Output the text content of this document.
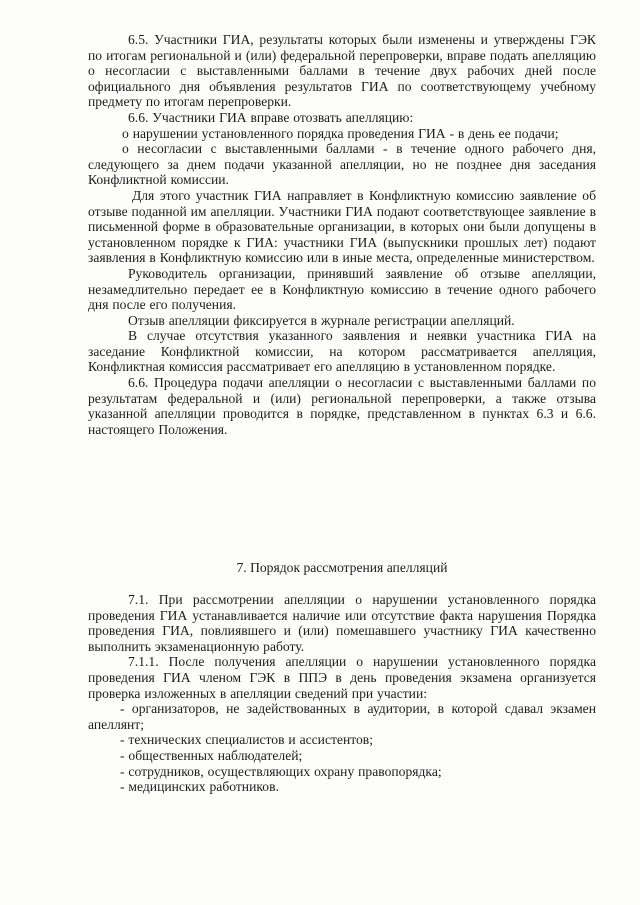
6.5. Участники ГИА, результаты которых были изменены и утверждены ГЭК по итогам региональной и (или) федеральной перепроверки, вправе подать апелляцию о несогласии с выставленными баллами в течение двух рабочих дней после официального дня объявления результатов ГИА по соответствующему учебному предмету по итогам перепроверки.

6.6. Участники ГИА вправе отозвать апелляцию:

о нарушении установленного порядка проведения ГИА - в день ее подачи;

о несогласии с выставленными баллами - в течение одного рабочего дня, следующего за днем подачи указанной апелляции, но не позднее дня заседания Конфликтной комиссии.

Для этого участник ГИА направляет в Конфликтную комиссию заявление об отзыве поданной им апелляции. Участники ГИА подают соответствующее заявление в письменной форме в образовательные организации, в которых они были допущены в установленном порядке к ГИА: участники ГИА (выпускники прошлых лет) подают заявления в Конфликтную комиссию или в иные места, определенные министерством.

Руководитель организации, принявший заявление об отзыве апелляции, незамедлительно передает ее в Конфликтную комиссию в течение одного рабочего дня после его получения.

Отзыв апелляции фиксируется в журнале регистрации апелляций.

В случае отсутствия указанного заявления и неявки участника ГИА на заседание Конфликтной комиссии, на котором рассматривается апелляция, Конфликтная комиссия рассматривает его апелляцию в установленном порядке.

6.6. Процедура подачи апелляции о несогласии с выставленными баллами по результатам федеральной и (или) региональной перепроверки, а также отзыва указанной апелляции проводится в порядке, представленном в пунктах 6.3 и 6.6. настоящего Положения.

7. Порядок рассмотрения апелляций

7.1. При рассмотрении апелляции о нарушении установленного порядка проведения ГИА устанавливается наличие или отсутствие факта нарушения Порядка проведения ГИА, повлиявшего и (или) помешавшего участнику ГИА качественно выполнить экзаменационную работу.

7.1.1. После получения апелляции о нарушении установленного порядка проведения ГИА членом ГЭК в ППЭ в день проведения экзамена организуется проверка изложенных в апелляции сведений при участии:

- организаторов, не задействованных в аудитории, в которой сдавал экзамен апеллянт;

- технических специалистов и ассистентов;

- общественных наблюдателей;

- сотрудников, осуществляющих охрану правопорядка;

- медицинских работников.
